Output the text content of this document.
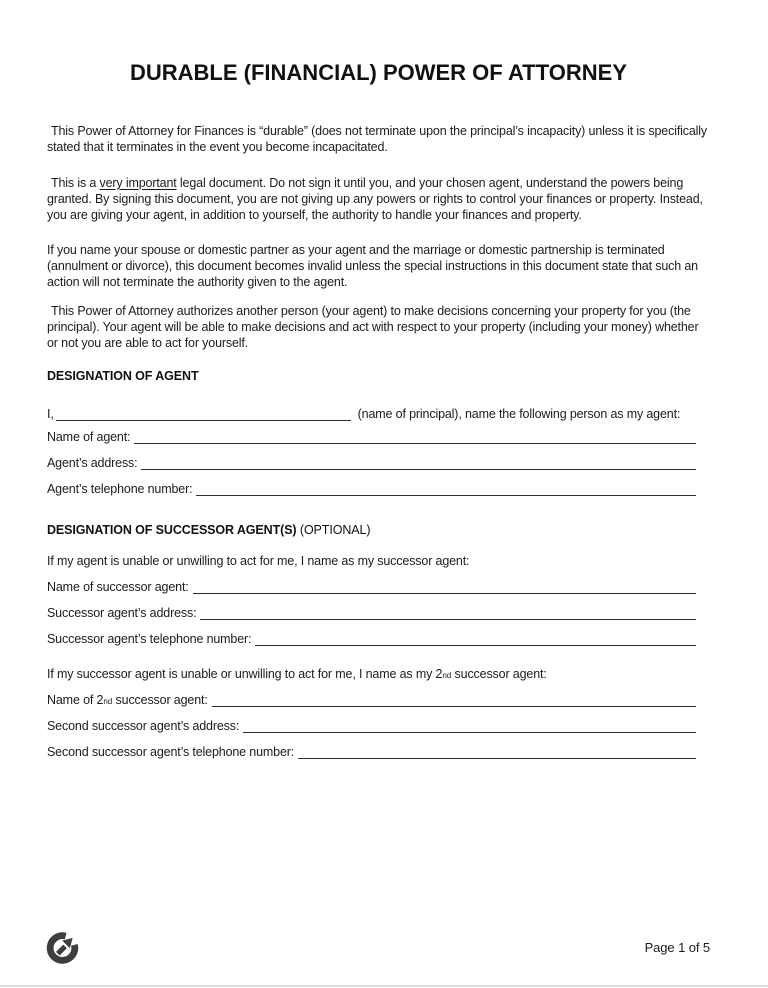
DURABLE (FINANCIAL) POWER OF ATTORNEY

This Power of Attorney for Finances is “durable” (does not terminate upon the principal’s incapacity) unless it is specifically stated that it terminates in the event you become incapacitated.

This is a very important legal document. Do not sign it until you, and your chosen agent, understand the powers being granted. By signing this document, you are not giving up any powers or rights to control your finances or property. Instead, you are giving your agent, in addition to yourself, the authority to handle your finances and property.

If you name your spouse or domestic partner as your agent and the marriage or domestic partnership is terminated (annulment or divorce), this document becomes invalid unless the special instructions in this document state that such an action will not terminate the authority given to the agent.

This Power of Attorney authorizes another person (your agent) to make decisions concerning your property for you (the principal). Your agent will be able to make decisions and act with respect to your property (including your money) whether or not you are able to act for yourself.

DESIGNATION OF AGENT
I,	(name of principal), name the following person as my agent:
Name of agent:
Agent’s address:
Agent’s telephone number:
DESIGNATION OF SUCCESSOR AGENT(S) (OPTIONAL)
If my agent is unable or unwilling to act for me, I name as my successor agent:
Name of successor agent:
Successor agent’s address:
Successor agent’s telephone number:
If my successor agent is unable or unwilling to act for me, I name as my 2nd successor agent:
Name of 2nd successor agent:
Second successor agent’s address:
Second successor agent’s telephone number:
Page 1 of 5
